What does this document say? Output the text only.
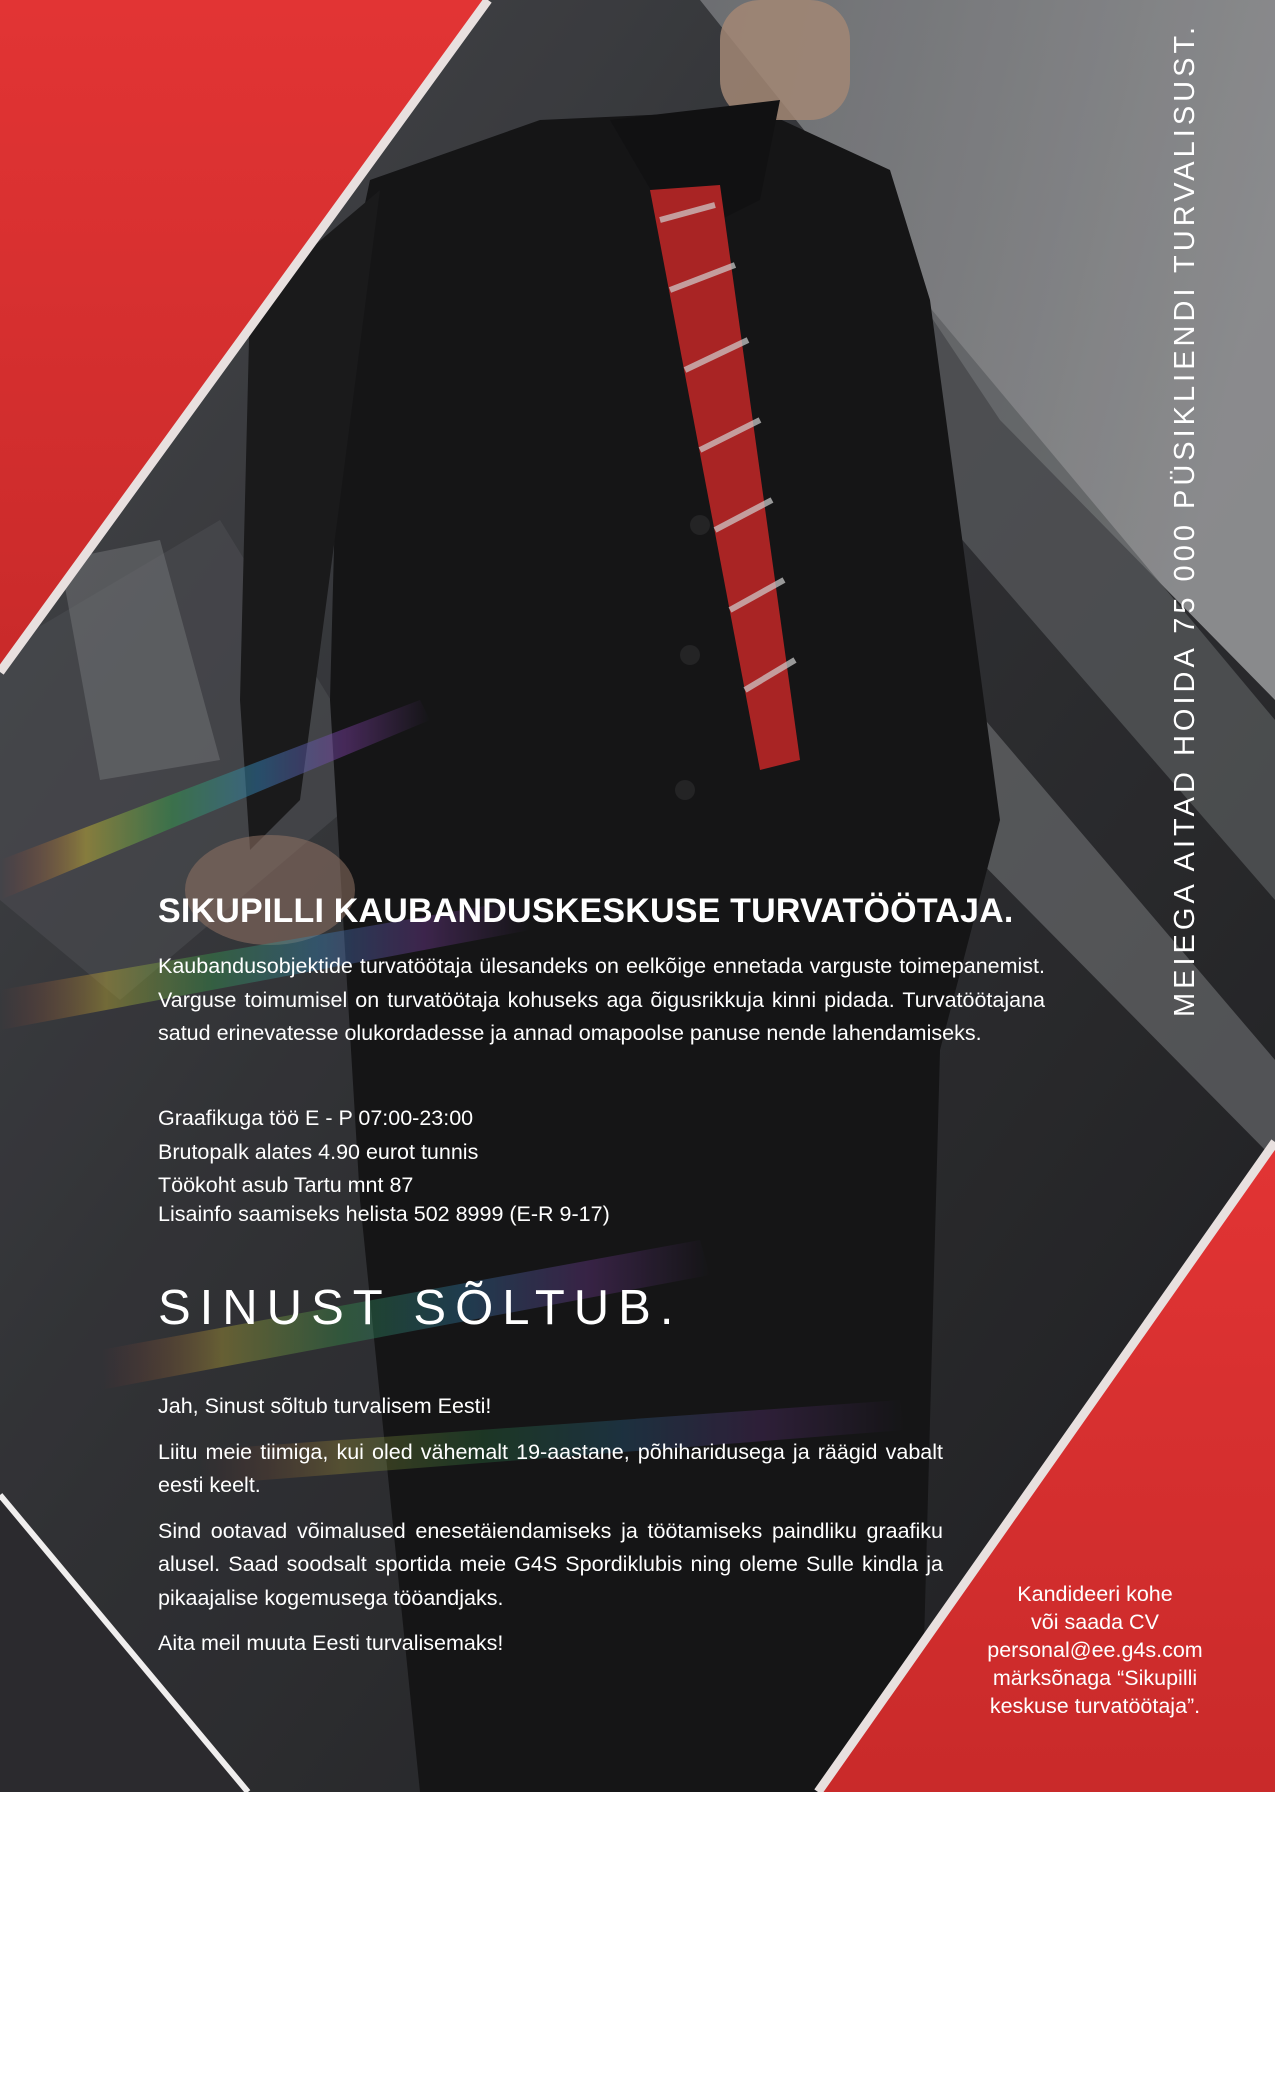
MEIEGA AITAD HOIDA 75 000 PÜSIKLIENDI TURVALISUST.
SIKUPILLI KAUBANDUSKESKUSE TURVATÖÖTAJA.
Kaubandusobjektide turvatöötaja ülesandeks on eelkõige ennetada varguste toimepanemist. Varguse toimumisel on turvatöötaja kohuseks aga õigusrikkuja kinni pidada. Turvatöötajana satud erinevatesse olukordadesse ja annad omapoolse panuse nende lahendamiseks.
Graafikuga töö E - P 07:00-23:00
Brutopalk alates 4.90 eurot tunnis
Töökoht asub Tartu mnt 87
Lisainfo saamiseks helista 502 8999 (E-R 9-17)
SINUST SÕLTUB.

Jah, Sinust sõltub turvalisem Eesti!

Liitu meie tiimiga, kui oled vähemalt 19-aastane, põhiharidusega ja räägid vabalt eesti keelt.

Sind ootavad võimalused enesetäiendamiseks ja töötamiseks paindliku graafiku alusel. Saad soodsalt sportida meie G4S Spordiklubis ning oleme Sulle kindla ja pikaajalise kogemusega tööandjaks.

Aita meil muuta Eesti turvalisemaks!

Kandideeri kohe
või saada CV
personal@ee.g4s.com
märksõnaga “Sikupilli
keskuse turvatöötaja”.
